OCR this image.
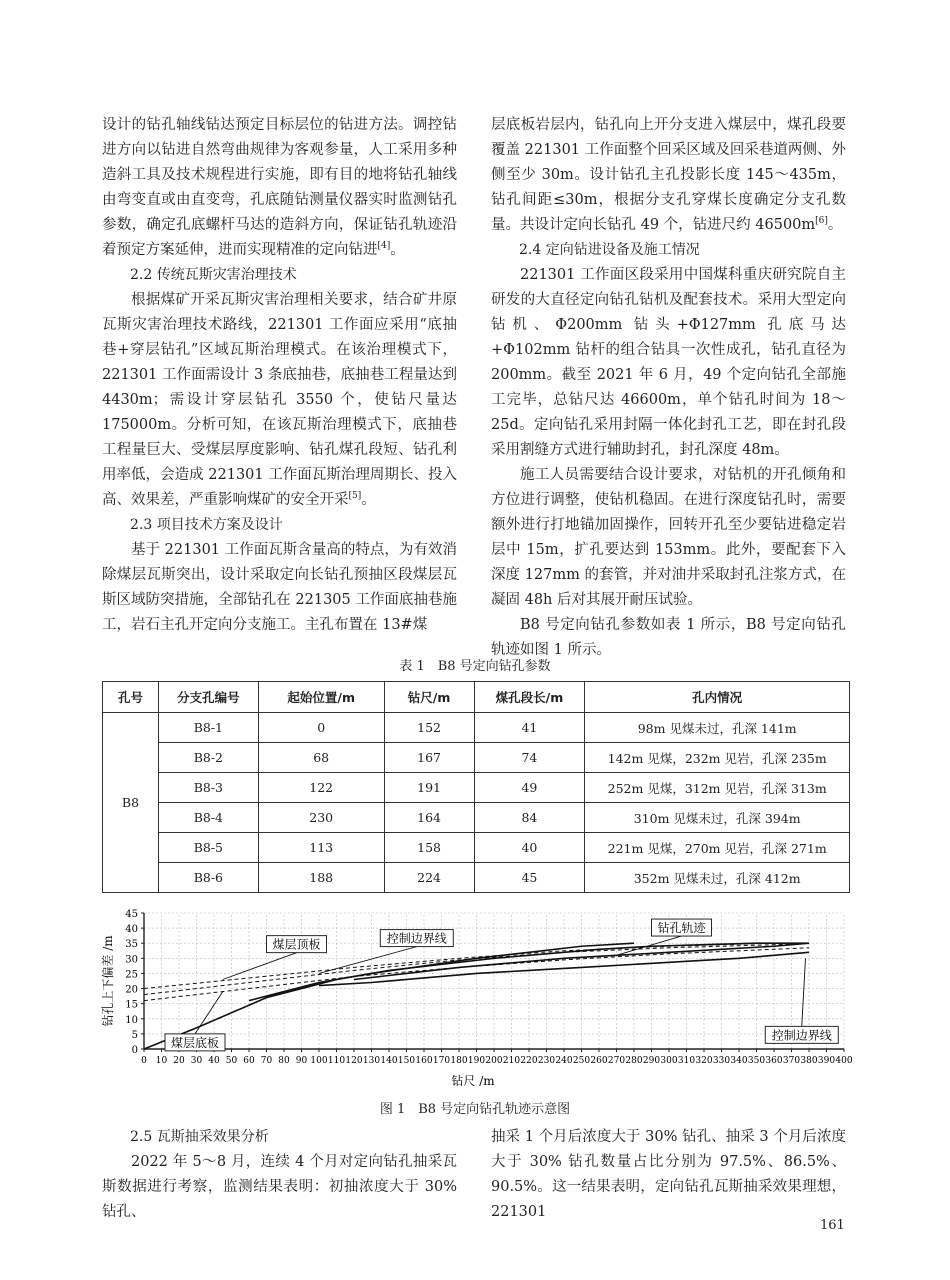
设计的钻孔轴线钻达预定目标层位的钻进方法。调控钻进方向以钻进自然弯曲规律为客观参量，人工采用多种造斜工具及技术规程进行实施，即有目的地将钻孔轴线由弯变直或由直变弯，孔底随钻测量仪器实时监测钻孔参数，确定孔底螺杆马达的造斜方向，保证钻孔轨迹沿着预定方案延伸，进而实现精准的定向钻进[4]。

2.2 传统瓦斯灾害治理技术

根据煤矿开采瓦斯灾害治理相关要求，结合矿井原瓦斯灾害治理技术路线，221301 工作面应采用“底抽巷+穿层钻孔”区域瓦斯治理模式。在该治理模式下，221301 工作面需设计 3 条底抽巷，底抽巷工程量达到 4430m；需设计穿层钻孔 3550 个，使钻尺量达 175000m。分析可知，在该瓦斯治理模式下，底抽巷工程量巨大、受煤层厚度影响、钻孔煤孔段短、钻孔利用率低，会造成 221301 工作面瓦斯治理周期长、投入高、效果差，严重影响煤矿的安全开采[5]。

2.3 项目技术方案及设计

基于 221301 工作面瓦斯含量高的特点，为有效消除煤层瓦斯突出，设计采取定向长钻孔预抽区段煤层瓦斯区域防突措施，全部钻孔在 221305 工作面底抽巷施工，岩石主孔开定向分支施工。主孔布置在 13#煤

层底板岩层内，钻孔向上开分支进入煤层中，煤孔段要覆盖 221301 工作面整个回采区域及回采巷道两侧、外侧至少 30m。设计钻孔主孔投影长度 145～435m，钻孔间距≤30m，根据分支孔穿煤长度确定分支孔数量。共设计定向长钻孔 49 个，钻进尺约 46500m[6]。

2.4 定向钻进设备及施工情况

221301 工作面区段采用中国煤科重庆研究院自主研发的大直径定向钻孔钻机及配套技术。采用大型定向钻机、Φ200mm 钻头+Φ127mm 孔底马达+Φ102mm 钻杆的组合钻具一次性成孔，钻孔直径为 200mm。截至 2021 年 6 月，49 个定向钻孔全部施工完毕，总钻尺达 46600m，单个钻孔时间为 18～25d。定向钻孔采用封隔一体化封孔工艺，即在封孔段采用割缝方式进行辅助封孔，封孔深度 48m。

施工人员需要结合设计要求，对钻机的开孔倾角和方位进行调整，使钻机稳固。在进行深度钻孔时，需要额外进行打地锚加固操作，回转开孔至少要钻进稳定岩层中 15m，扩孔要达到 153mm。此外，要配套下入深度 127mm 的套管，并对油井采取封孔注浆方式，在凝固 48h 后对其展开耐压试验。

B8 号定向钻孔参数如表 1 所示，B8 号定向钻孔轨迹如图 1 所示。

表 1　B8 号定向钻孔参数
孔号	分支孔编号	起始位置/m	钻尺/m	煤孔段长/m	孔内情况
B8	B8-1	0	152	41	98m 见煤未过，孔深 141m
	B8-2	68	167	74	142m 见煤，232m 见岩，孔深 235m
	B8-3	122	191	49	252m 见煤，312m 见岩，孔深 313m
	B8-4	230	164	84	310m 见煤未过，孔深 394m
	B8-5	113	158	40	221m 见煤，270m 见岩，孔深 271m
	B8-6	188	224	45	352m 见煤未过，孔深 412m
0 10 20 30 40 50 60 70 80 90 100 110 120 130 140 150 160 170 180 190 200 210 220 230 240 250 260 270 280 290 300 310 320 330 340 350 360 370 380 390 400
0
5
10
15
20
25
30
35
40
45
煤层顶板	控制边界线
钻孔轨迹
控制边界线
煤层底板
钻尺 /m
钻孔上下偏差 /m
图 1　B8 号定向钻孔轨迹示意图
2.5 瓦斯抽采效果分析

2022 年 5～8 月，连续 4 个月对定向钻孔抽采瓦斯数据进行考察，监测结果表明：初抽浓度大于 30% 钻孔、

抽采 1 个月后浓度大于 30% 钻孔、抽采 3 个月后浓度大于 30% 钻孔数量占比分别为 97.5%、86.5%、90.5%。这一结果表明，定向钻孔瓦斯抽采效果理想，221301

161
